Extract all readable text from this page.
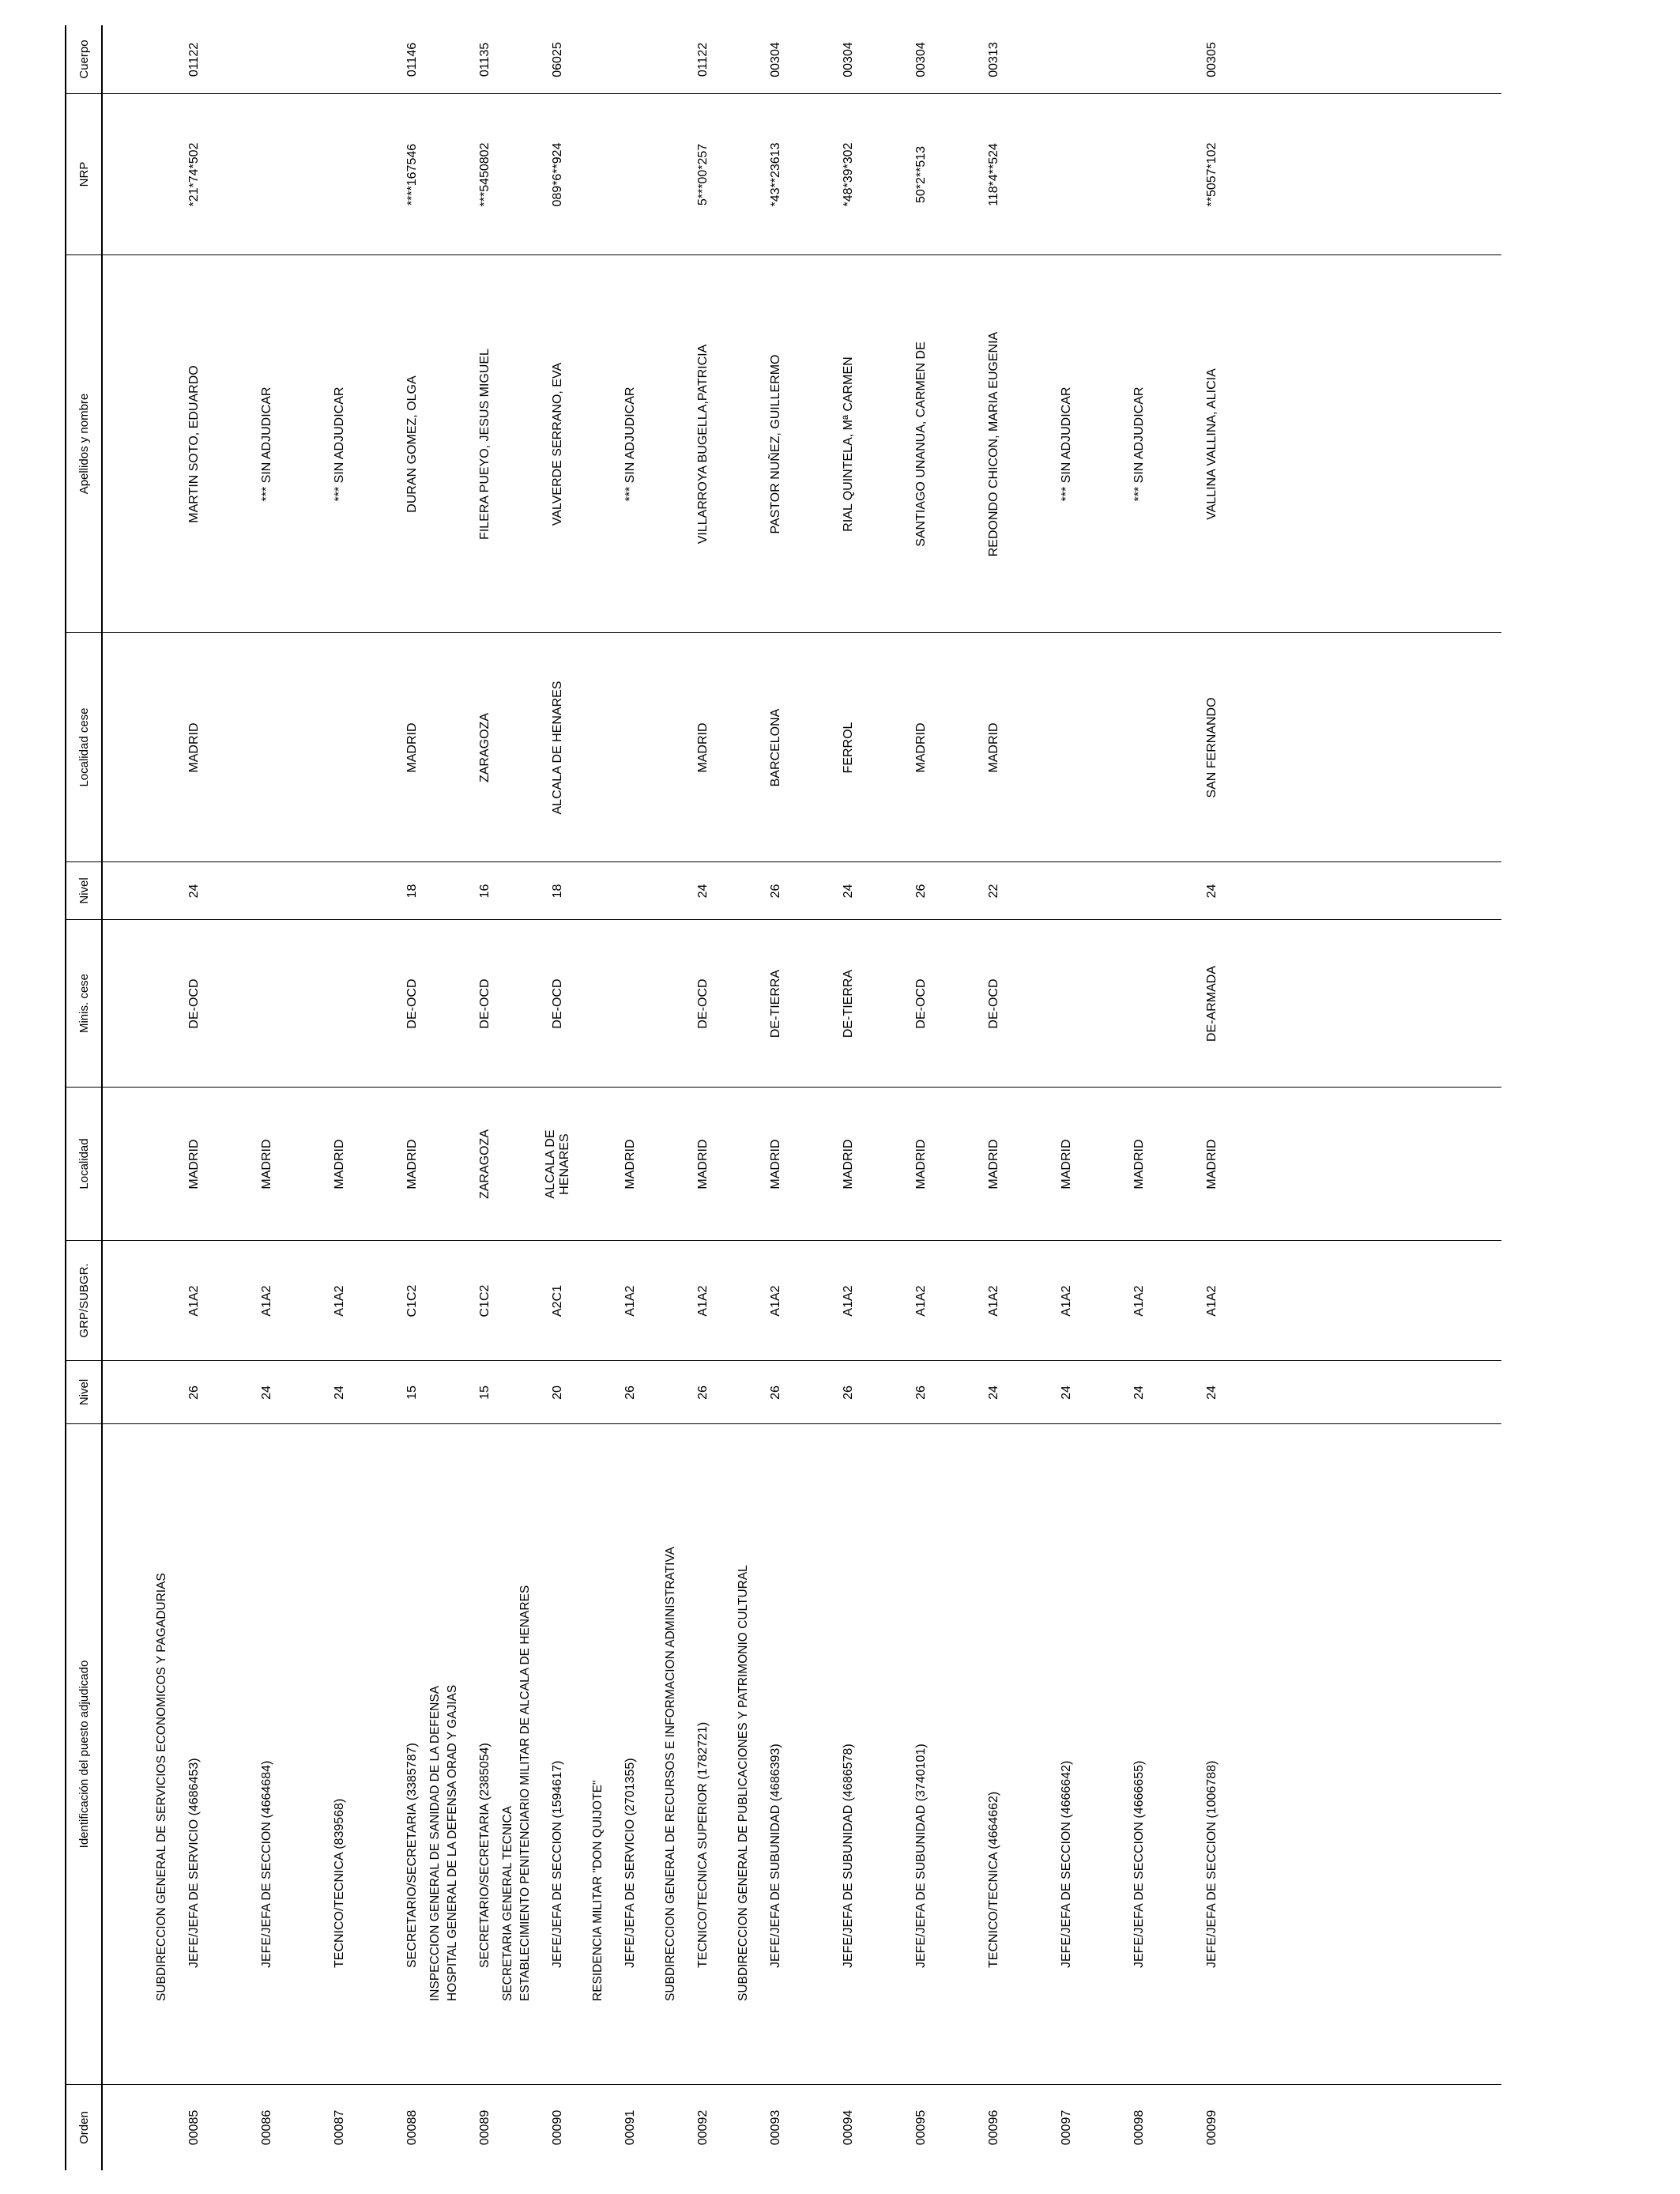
Orden
Identificación del puesto adjudicado
Nivel
GRP/SUBGR.
Localidad
Minis. cese
Nivel
Localidad cese
Apellidos y nombre
NRP
Cuerpo
00085
JEFE/JEFA DE SERVICIO (4686453)
26
A1A2
DE-OCD
24
MADRID
MARTIN SOTO, EDUARDO
*21*74*502
01122
MADRID
SUBDIRECCION GENERAL DE SERVICIOS ECONOMICOS Y PAGADURIAS
00086
JEFE/JEFA DE SECCION (4664684)
24
A1A2
*** SIN ADJUDICAR
MADRID
00087
TECNICO/TECNICA (839568)
24
A1A2
*** SIN ADJUDICAR
MADRID
00088
SECRETARIO/SECRETARIA (3385787)
15
C1C2
DE-OCD
18
MADRID
DURAN GOMEZ, OLGA
****167546
01146
MADRID
00089
SECRETARIO/SECRETARIA (2385054)
15
C1C2
DE-OCD
16
ZARAGOZA
FILERA PUEYO, JESUS MIGUEL
***5450802
01135
ZARAGOZA
INSPECCION GENERAL DE SANIDAD DE LA DEFENSA HOSPITAL GENERAL DE LA DEFENSA ORAD Y GAJIAS
00090
JEFE/JEFA DE SECCION (1594617)
20
A2C1
DE-OCD
18
ALCALA DE HENARES
VALVERDE SERRANO, EVA
089*6**924
06025
ALCALA DE HENARES
SECRETARIA GENERAL TECNICA ESTABLECIMIENTO PENITENCIARIO MILITAR DE ALCALA DE HENARES
00091
JEFE/JEFA DE SERVICIO (2701355)
26
A1A2
*** SIN ADJUDICAR
MADRID
RESIDENCIA MILITAR "DON QUIJOTE"
00092
TECNICO/TECNICA SUPERIOR (1782721)
26
A1A2
DE-OCD
24
MADRID
VILLARROYA BUGELLA,PATRICIA
5***00*257
01122
MADRID
SUBDIRECCION GENERAL DE RECURSOS E INFORMACION ADMINISTRATIVA
00093
JEFE/JEFA DE SUBUNIDAD (4686393)
26
A1A2
DE-TIERRA
26
BARCELONA
PASTOR NUÑEZ, GUILLERMO
*43**23613
00304
MADRID
SUBDIRECCION GENERAL DE PUBLICACIONES Y PATRIMONIO CULTURAL
00094
JEFE/JEFA DE SUBUNIDAD (4686578)
26
A1A2
DE-TIERRA
24
FERROL
RIAL QUINTELA, Mª CARMEN
*48*39*302
00304
MADRID
00095
JEFE/JEFA DE SUBUNIDAD (3740101)
26
A1A2
DE-OCD
26
MADRID
SANTIAGO UNANUA, CARMEN DE
50*2**513
00304
MADRID
00096
TECNICO/TECNICA (4664662)
24
A1A2
DE-OCD
22
MADRID
REDONDO CHICON, MARIA EUGENIA
118*4**524
00313
MADRID
00097
JEFE/JEFA DE SECCION (4666642)
24
A1A2
*** SIN ADJUDICAR
MADRID
00098
JEFE/JEFA DE SECCION (4666655)
24
A1A2
*** SIN ADJUDICAR
MADRID
00099
JEFE/JEFA DE SECCION (1006788)
24
A1A2
DE-ARMADA
24
SAN FERNANDO
VALLINA VALLINA, ALICIA
**5057*102
00305
MADRID
